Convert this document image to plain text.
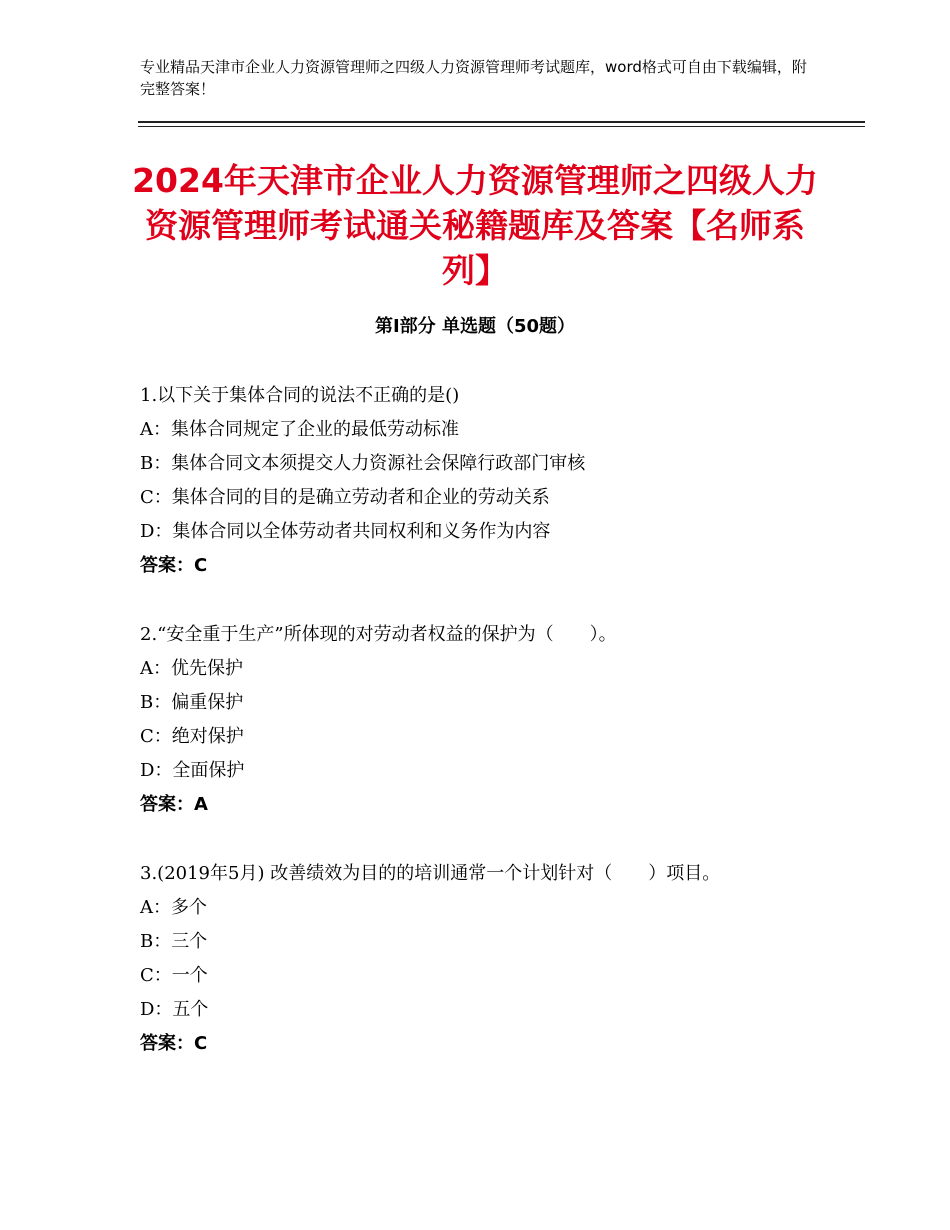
专业精品天津市企业人力资源管理师之四级人力资源管理师考试题库，word格式可自由下载编辑，附完整答案！
2024年天津市企业人力资源管理师之四级人力资源管理师考试通关秘籍题库及答案【名师系列】
第Ⅰ部分 单选题（50题）

1.以下关于集体合同的说法不正确的是()

A：集体合同规定了企业的最低劳动标准

B：集体合同文本须提交人力资源社会保障行政部门审核

C：集体合同的目的是确立劳动者和企业的劳动关系

D：集体合同以全体劳动者共同权利和义务作为内容

答案：C

2.“安全重于生产”所体现的对劳动者权益的保护为（　　）。

A：优先保护

B：偏重保护

C：绝对保护

D：全面保护

答案：A

3.(2019年5月) 改善绩效为目的的培训通常一个计划针对（　　）项目。

A：多个

B：三个

C：一个

D：五个

答案：C
